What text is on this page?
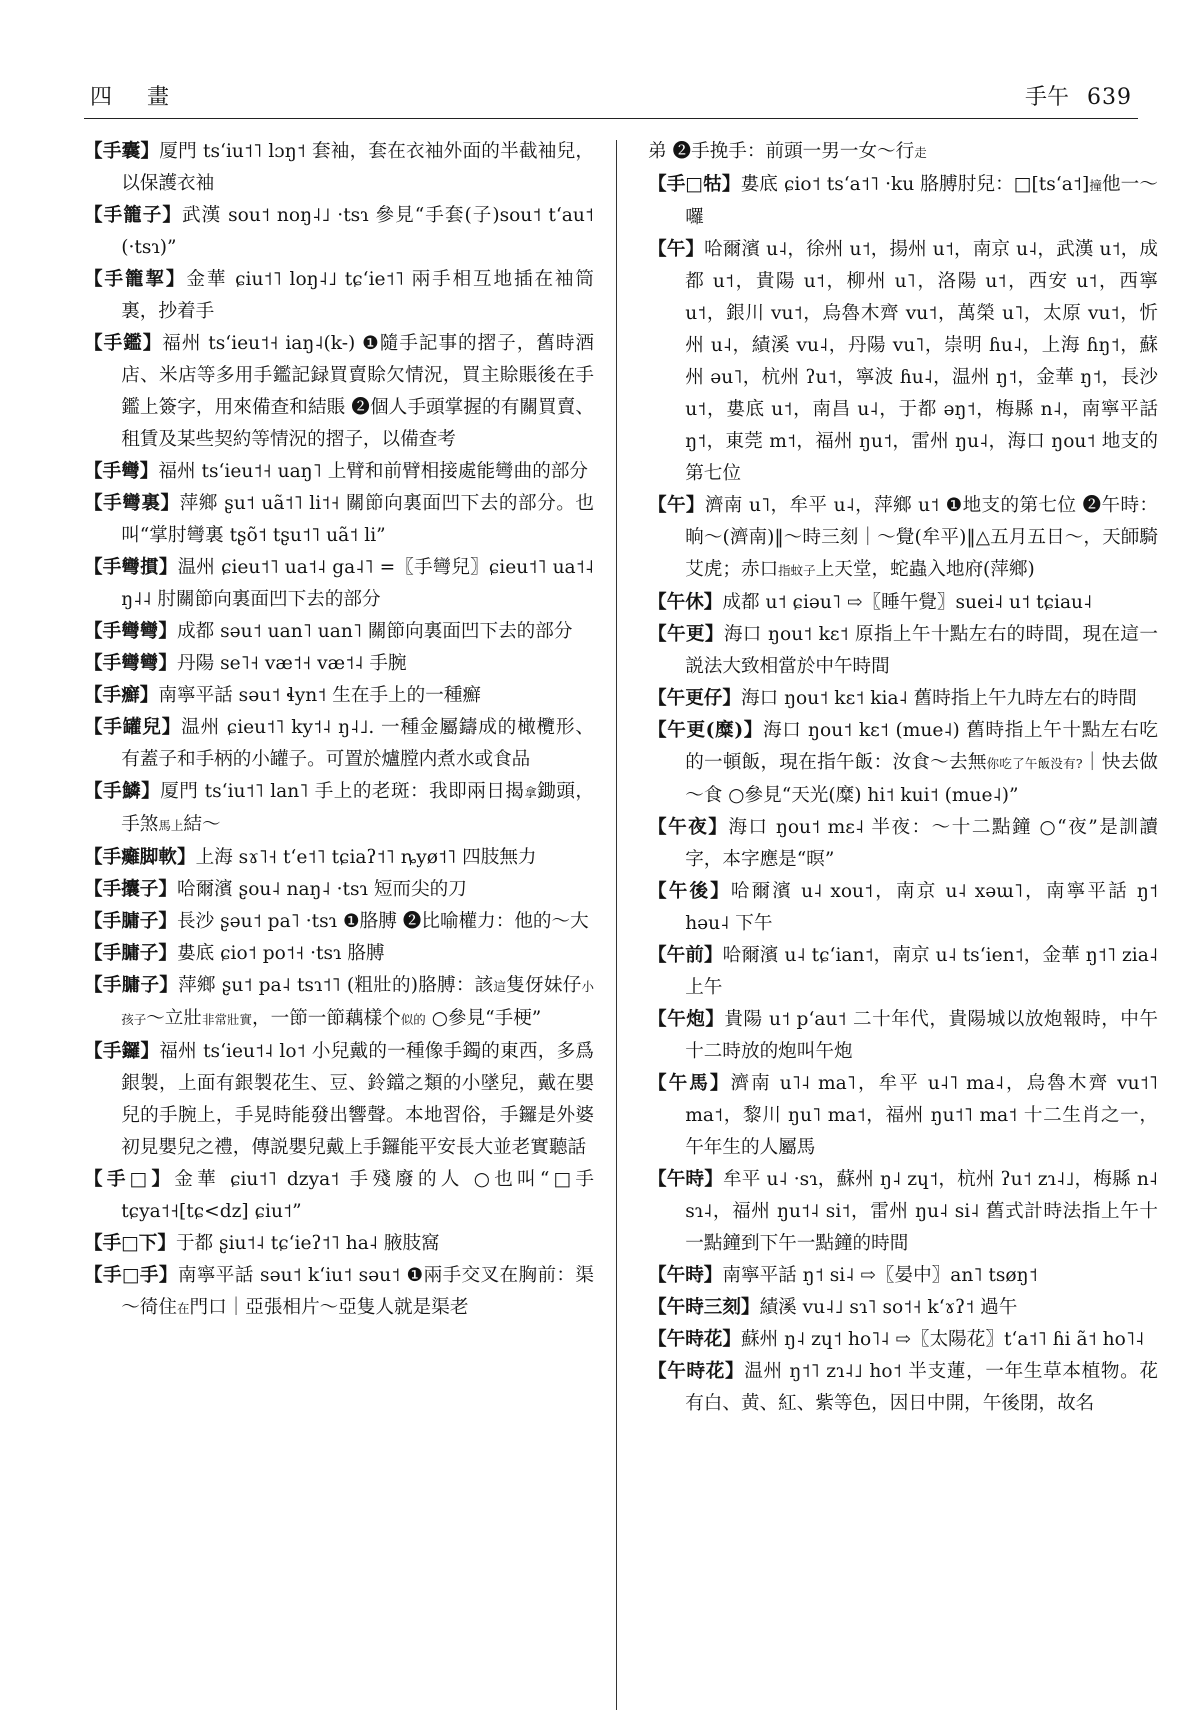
四 畫	手午 639

【手囊】厦門 tsʻiu˦˥ lɔŋ˦ 套袖，套在衣袖外面的半截袖兒，以保護衣袖

【手籠子】武漢 sou˦ noŋ˨˩ ·tsɿ 參見“手套(子)sou˦ tʻau˦ (·tsɿ)”

【手籠挈】金華 ɕiu˦˥ loŋ˨˩ tɕʻie˦˥ 兩手相互地插在袖筒裏，抄着手

【手鑑】福州 tsʻieu˦˧ iaŋ˨(k-) ❶隨手記事的摺子，舊時酒店、米店等多用手鑑記録買賣賒欠情況，買主賒賬後在手鑑上簽字，用來備查和結賬 ❷個人手頭掌握的有關買賣、租賃及某些契約等情況的摺子，以備查考

【手彎】福州 tsʻieu˦˧ uaŋ˥ 上臂和前臂相接處能彎曲的部分

【手彎裏】萍鄉 ʂu˦ uã˦˥ li˦˧ 關節向裏面凹下去的部分。也叫“掌肘彎裏 tʂõ˦ tʂu˦˥ uã˦ li”

【手彎摜】温州 ɕieu˦˥ ua˦˨ ga˨˥ =〖手彎兒〗ɕieu˦˥ ua˦˨ ŋ˨˨ 肘關節向裏面凹下去的部分

【手彎彎】成都 səu˦ uan˥ uan˥ 關節向裏面凹下去的部分

【手彎彎】丹陽 se˥˧ væ˦˧ væ˦˨ 手腕

【手癬】南寧平話 səu˦ ɬyn˦ 生在手上的一種癬

【手罐兒】温州 ɕieu˦˥ ky˦˨ ŋ˨˩. 一種金屬鑄成的橄欖形、有蓋子和手柄的小罐子。可置於爐膛内煮水或食品

【手鱗】厦門 tsʻiu˦˥ lan˥ 手上的老斑：我即兩日揭拿鋤頭，手煞馬上結～

【手癱脚軟】上海 sɤ˥˧ tʻe˦˥ tɕiaʔ˦˥ ȵyø˦˥ 四肢無力

【手攮子】哈爾濱 ʂou˨ naŋ˨ ·tsɿ 短而尖的刀

【手𦟛子】長沙 ʂəu˦ pa˥ ·tsɿ ❶胳膊 ❷比喻權力：他的～大

【手𦟛子】婁底 ɕio˦ po˦˧ ·tsɿ 胳膊

【手𦟛子】萍鄉 ʂu˦ pa˨ tsɿ˦˥ (粗壯的)胳膊：該這隻伢妹仔小孩子～立壯非常壯實，一節一節藕樣个似的 ○參見“手梗”

【手鑼】福州 tsʻieu˦˨ lo˦ 小兒戴的一種像手鐲的東西，多爲銀製，上面有銀製花生、豆、鈴鐺之類的小墜兒，戴在嬰兒的手腕上，手晃時能發出響聲。本地習俗，手鑼是外婆初見嬰兒之禮，傳説嬰兒戴上手鑼能平安長大並老實聽話

【手□】金華 ɕiu˦˥ dzya˦ 手殘廢的人 ○也叫“□手 tɕya˦˧[tɕ<dz] ɕiu˦”

【手□下】于都 ʂiu˦˨ tɕʻieʔ˦˥ ha˨ 腋肢窩

【手□手】南寧平話 səu˦ kʻiu˦ səu˦ ❶兩手交叉在胸前：渠～徛住在門口｜亞張相片～亞隻人就是渠老

弟 ❷手挽手：前頭一男一女～行走

【手□牯】婁底 ɕio˦ tsʻa˦˥ ·ku 胳膊肘兒：□[tsʻa˦]撞他一～囉

【午】哈爾濱 u˨，徐州 u˦，揚州 u˦，南京 u˨，武漢 u˦，成都 u˦，貴陽 u˦，柳州 u˥，洛陽 u˦，西安 u˦，西寧 u˦，銀川 vu˦，烏魯木齊 vu˦，萬榮 u˥，太原 vu˦，忻州 u˨，績溪 vu˨，丹陽 vu˥，崇明 ɦu˨，上海 ɦŋ˦，蘇州 əu˥，杭州 ʔu˦，寧波 ɦu˨，温州 ŋ˦，金華 ŋ˦，長沙 u˦，婁底 u˦，南昌 u˨，于都 əŋ˦，梅縣 n˨，南寧平話 ŋ˦，東莞 m˦，福州 ŋu˦，雷州 ŋu˨，海口 ŋou˦ 地支的第七位

【午】濟南 u˥，牟平 u˨，萍鄉 u˦ ❶地支的第七位 ❷午時：晌～(濟南)‖～時三刻｜～覺(牟平)‖△五月五日～，天師騎艾虎；赤口指蚊子上天堂，蛇蟲入地府(萍鄉)

【午休】成都 u˦ ɕiəu˥ ⇨〖睡午覺〗suei˨ u˦ tɕiau˨

【午更】海口 ŋou˦ kɛ˦ 原指上午十點左右的時間，現在這一説法大致相當於中午時間

【午更仔】海口 ŋou˦ kɛ˦ kia˨ 舊時指上午九時左右的時間

【午更(糜)】海口 ŋou˦ kɛ˦ (mue˨) 舊時指上午十點左右吃的一頓飯，現在指午飯：汝食～去無你吃了午飯没有?｜快去做～食 ○參見“天光(糜) hi˦ kui˦ (mue˨)”

【午夜】海口 ŋou˦ mɛ˨ 半夜：～十二點鐘 ○“夜”是訓讀字，本字應是“暝”

【午後】哈爾濱 u˨ xou˦，南京 u˨ xəɯ˥，南寧平話 ŋ˦ həu˨ 下午

【午前】哈爾濱 u˨ tɕʻian˦，南京 u˨ tsʻien˦，金華 ŋ˦˥ zia˨ 上午

【午炮】貴陽 u˦ pʻau˦ 二十年代，貴陽城以放炮報時，中午十二時放的炮叫午炮

【午馬】濟南 u˥˨ ma˥，牟平 u˨˥ ma˨，烏魯木齊 vu˦˥ ma˦，黎川 ŋu˥ ma˦，福州 ŋu˦˥ ma˦ 十二生肖之一，午年生的人屬馬

【午時】牟平 u˨ ·sɿ，蘇州 ŋ˨ zɥ˦，杭州 ʔu˦ zɿ˨˩，梅縣 n˨ sɿ˨，福州 ŋu˦˨ si˦，雷州 ŋu˨ si˨ 舊式計時法指上午十一點鐘到下午一點鐘的時間

【午時】南寧平話 ŋ˦ si˨ ⇨〖晏中〗an˥ tsøŋ˦

【午時三刻】績溪 vu˨˩ sɿ˥ so˦˧ kʻɤʔ˦ 過午

【午時花】蘇州 ŋ˨ zɥ˦ ho˥˨ ⇨〖太陽花〗tʻa˦˥ ɦi ã˦ ho˥˨

【午時花】温州 ŋ˦˥ zɿ˨˩ ho˦ 半支蓮，一年生草本植物。花有白、黄、紅、紫等色，因日中開，午後閉，故名
